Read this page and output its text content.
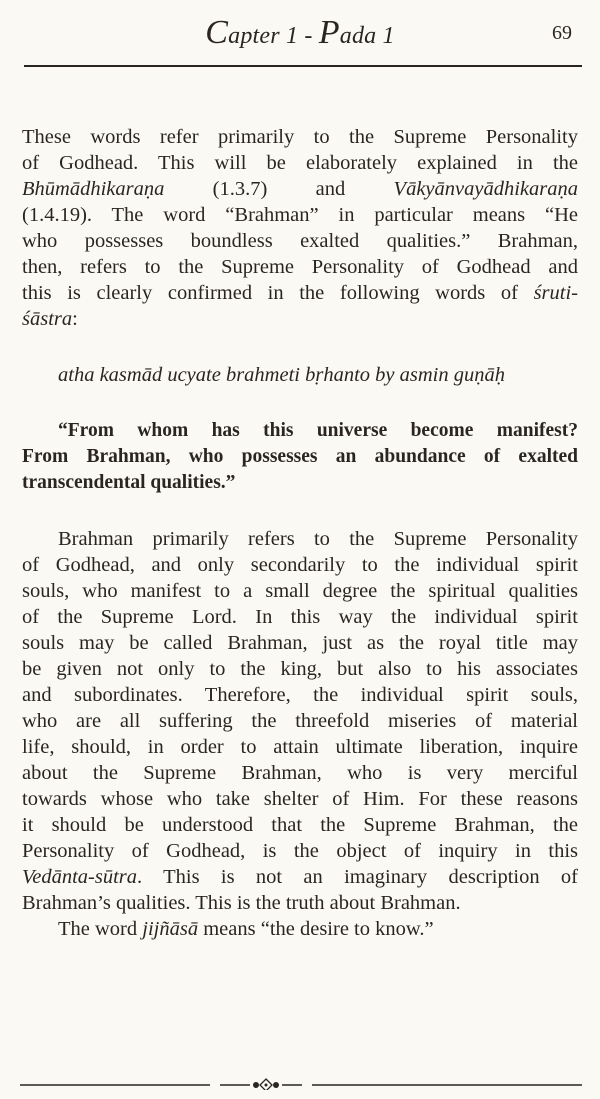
Capter 1 - Pada 1	69
These words refer primarily to the Supreme Personality
of Godhead. This will be elaborately explained in the
Bhūmādhikaraṇa (1.3.7) and Vākyānvayādhikaraṇa
(1.4.19). The word “Brahman” in particular means “He
who possesses boundless exalted qualities.” Brahman,
then, refers to the Supreme Personality of Godhead and
this is clearly confirmed in the following words of śruti-
śāstra:
atha kasmād ucyate brahmeti bṛhanto by asmin guṇāḥ
“From whom has this universe become manifest?
From Brahman, who possesses an abundance of exalted
transcendental qualities.”
Brahman primarily refers to the Supreme Personality
of Godhead, and only secondarily to the individual spirit
souls, who manifest to a small degree the spiritual qualities
of the Supreme Lord. In this way the individual spirit
souls may be called Brahman, just as the royal title may
be given not only to the king, but also to his associates
and subordinates. Therefore, the individual spirit souls,
who are all suffering the threefold miseries of material
life, should, in order to attain ultimate liberation, inquire
about the Supreme Brahman, who is very merciful
towards whose who take shelter of Him. For these reasons
it should be understood that the Supreme Brahman, the
Personality of Godhead, is the object of inquiry in this
Vedānta-sūtra. This is not an imaginary description of
Brahman’s qualities. This is the truth about Brahman.
The word jijñāsā means “the desire to know.”
